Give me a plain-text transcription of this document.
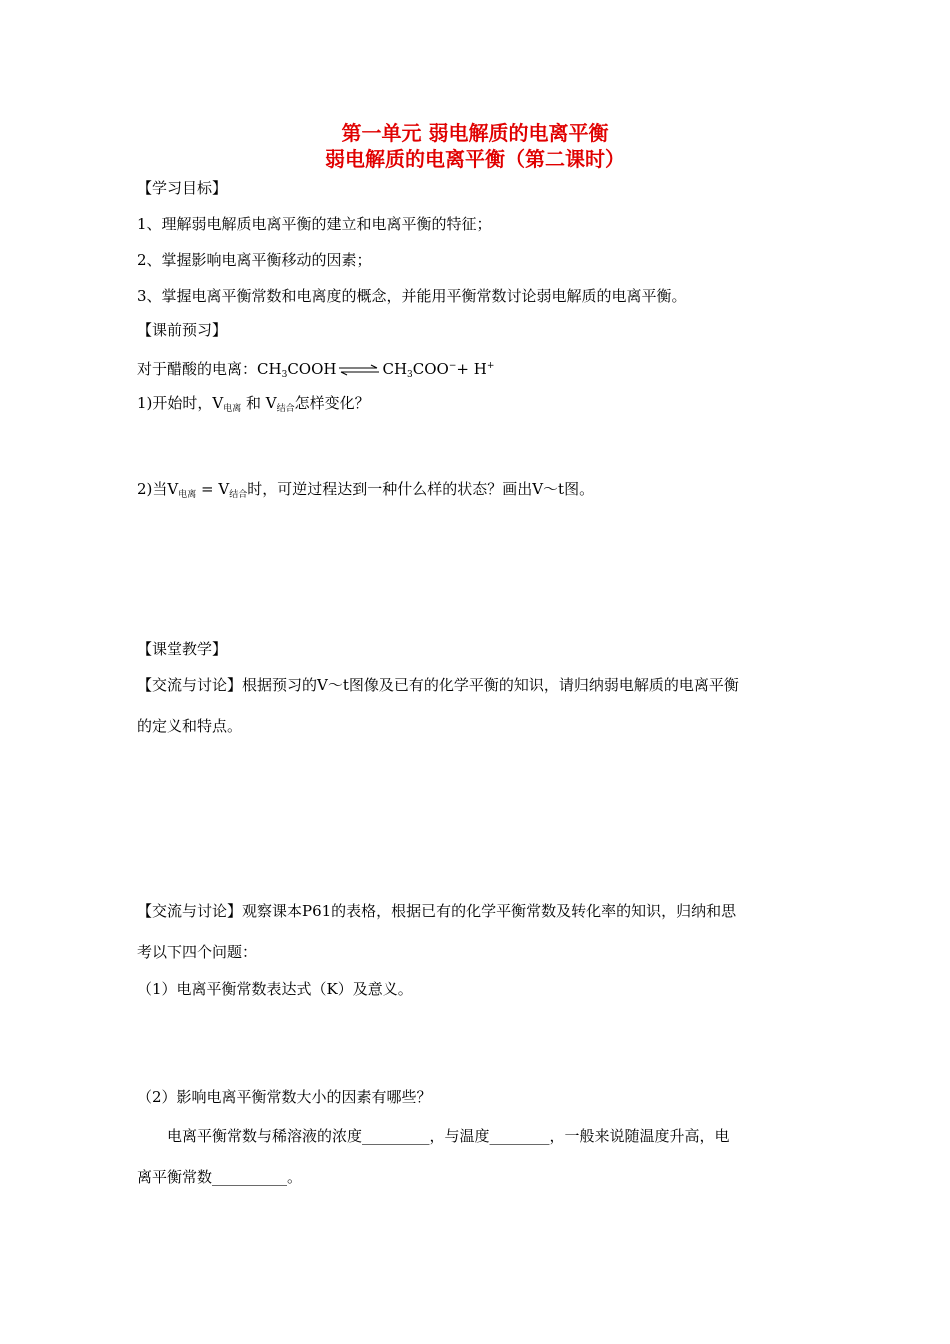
第一单元 弱电解质的电离平衡
弱电解质的电离平衡（第二课时）
【学习目标】
1、理解弱电解质电离平衡的建立和电离平衡的特征；
2、掌握影响电离平衡移动的因素；
3、掌握电离平衡常数和电离度的概念，并能用平衡常数讨论弱电解质的电离平衡。
【课前预习】
对于醋酸的电离：$CH_3COOH\rightleftharpoons CH_3COO^-+ H^+$
1)开始时，$V_{电离}$ 和 $V_{结合}$怎样变化？
2)当$V_{电离} = V_{结合}$时，可逆过程达到一种什么样的状态？画出V～t图。
【课堂教学】
【交流与讨论】根据预习的V～t图像及已有的化学平衡的知识，请归纳弱电解质的电离平衡
的定义和特点。
【交流与讨论】观察课本P61的表格，根据已有的化学平衡常数及转化率的知识，归纳和思
考以下四个问题：
（1）电离平衡常数表达式（K）及意义。
（2）影响电离平衡常数大小的因素有哪些？
电离平衡常数与稀溶液的浓度_________，与温度________，一般来说随温度升高，电
离平衡常数__________。
